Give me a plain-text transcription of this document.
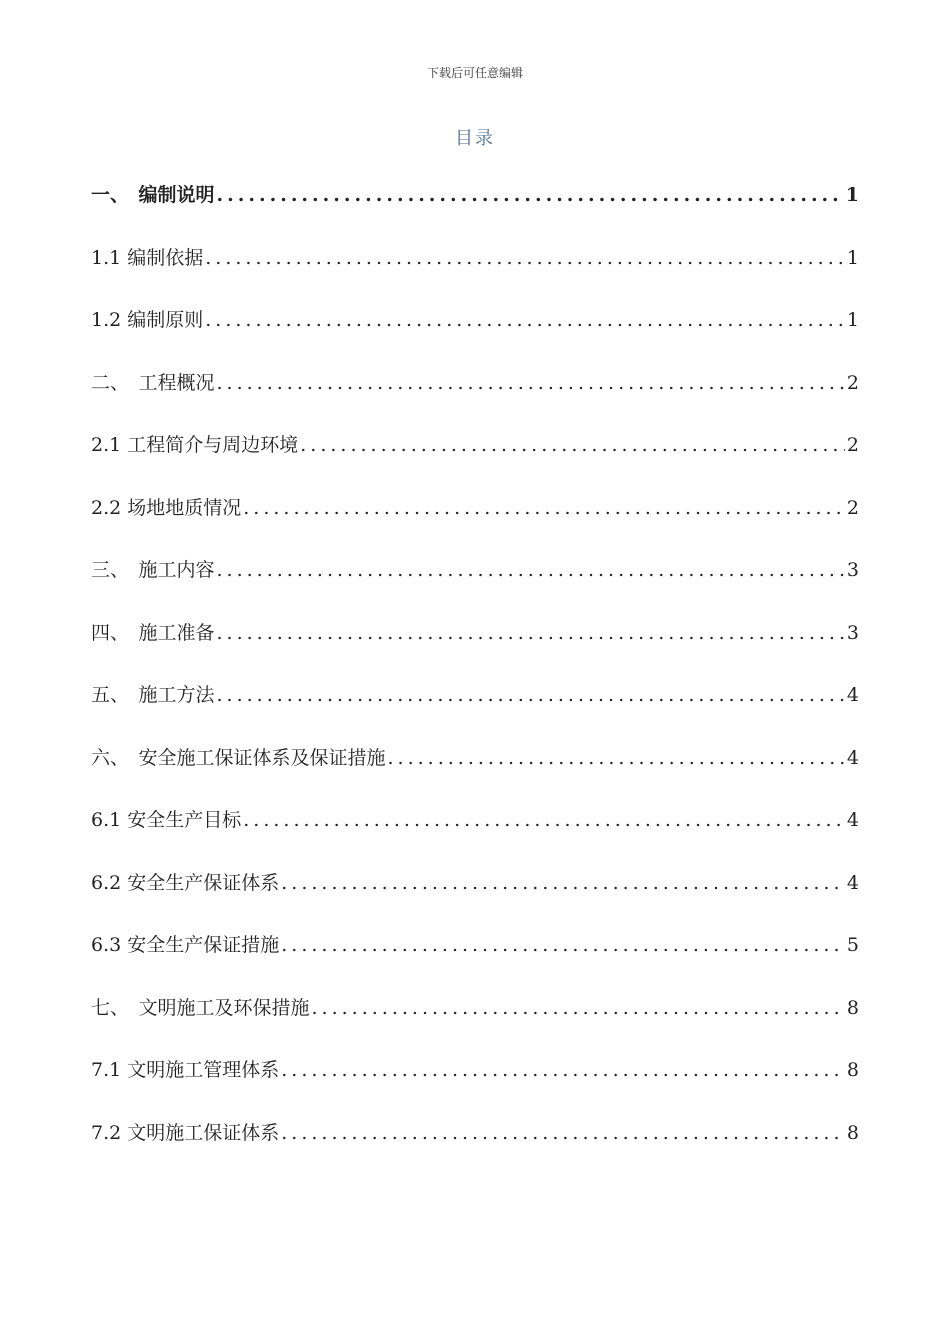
下载后可任意编辑
目录
一、　编制说明 .....	1
1.1 编制依据 .....	1
1.2 编制原则 .....	1
二、　工程概况 .....	2
2.1 工程简介与周边环境 .....	2
2.2 场地地质情况 .....	2
三、　施工内容 .....	3
四、　施工准备 .....	3
五、　施工方法 .....	4
六、　安全施工保证体系及保证措施 .....	4
6.1 安全生产目标 .....	4
6.2 安全生产保证体系 .....	4
6.3 安全生产保证措施 .....	5
七、　文明施工及环保措施 .....	8
7.1 文明施工管理体系 .....	8
7.2 文明施工保证体系 .....	8
